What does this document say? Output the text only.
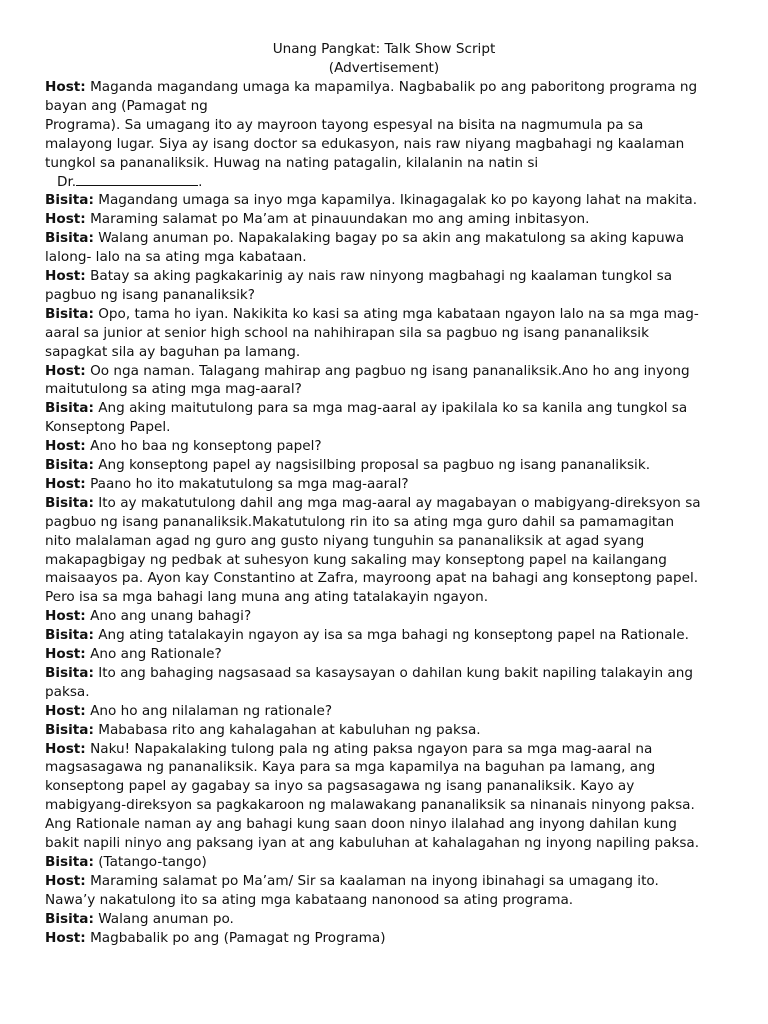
Unang Pangkat: Talk Show Script
(Advertisement)
Host: Maganda magandang umaga ka mapamilya. Nagbabalik po ang paboritong programa ng
bayan ang (Pamagat ng
Programa). Sa umagang ito ay mayroon tayong espesyal na bisita na nagmumula pa sa
malayong lugar. Siya ay isang doctor sa edukasyon, nais raw niyang magbahagi ng kaalaman
tungkol sa pananaliksik. Huwag na nating patagalin, kilalanin na natin si
Dr.	.
Bisita: Magandang umaga sa inyo mga kapamilya. Ikinagagalak ko po kayong lahat na makita.
Host: Maraming salamat po Ma’am at pinauundakan mo ang aming inbitasyon.
Bisita: Walang anuman po. Napakalaking bagay po sa akin ang makatulong sa aking kapuwa
lalong- lalo na sa ating mga kabataan.
Host: Batay sa aking pagkakarinig ay nais raw ninyong magbahagi ng kaalaman tungkol sa
pagbuo ng isang pananaliksik?
Bisita: Opo, tama ho iyan. Nakikita ko kasi sa ating mga kabataan ngayon lalo na sa mga mag-
aaral sa junior at senior high school na nahihirapan sila sa pagbuo ng isang pananaliksik
sapagkat sila ay baguhan pa lamang.
Host: Oo nga naman. Talagang mahirap ang pagbuo ng isang pananaliksik.Ano ho ang inyong
maitutulong sa ating mga mag-aaral?
Bisita: Ang aking maitutulong para sa mga mag-aaral ay ipakilala ko sa kanila ang tungkol sa
Konseptong Papel.
Host: Ano ho baa ng konseptong papel?
Bisita: Ang konseptong papel ay nagsisilbing proposal sa pagbuo ng isang pananaliksik.
Host: Paano ho ito makatutulong sa mga mag-aaral?
Bisita: Ito ay makatutulong dahil ang mga mag-aaral ay magabayan o mabigyang-direksyon sa
pagbuo ng isang pananaliksik.Makatutulong rin ito sa ating mga guro dahil sa pamamagitan
nito malalaman agad ng guro ang gusto niyang tunguhin sa pananaliksik at agad syang
makapagbigay ng pedbak at suhesyon kung sakaling may konseptong papel na kailangang
maisaayos pa. Ayon kay Constantino at Zafra, mayroong apat na bahagi ang konseptong papel.
Pero isa sa mga bahagi lang muna ang ating tatalakayin ngayon.
Host: Ano ang unang bahagi?
Bisita: Ang ating tatalakayin ngayon ay isa sa mga bahagi ng konseptong papel na Rationale.
Host: Ano ang Rationale?
Bisita: Ito ang bahaging nagsasaad sa kasaysayan o dahilan kung bakit napiling talakayin ang
paksa.
Host: Ano ho ang nilalaman ng rationale?
Bisita: Mababasa rito ang kahalagahan at kabuluhan ng paksa.
Host: Naku! Napakalaking tulong pala ng ating paksa ngayon para sa mga mag-aaral na
magsasagawa ng pananaliksik. Kaya para sa mga kapamilya na baguhan pa lamang, ang
konseptong papel ay gagabay sa inyo sa pagsasagawa ng isang pananaliksik. Kayo ay
mabigyang-direksyon sa pagkakaroon ng malawakang pananaliksik sa ninanais ninyong paksa.
Ang Rationale naman ay ang bahagi kung saan doon ninyo ilalahad ang inyong dahilan kung
bakit napili ninyo ang paksang iyan at ang kabuluhan at kahalagahan ng inyong napiling paksa.
Bisita: (Tatango-tango)
Host: Maraming salamat po Ma’am/ Sir sa kaalaman na inyong ibinahagi sa umagang ito.
Nawa’y nakatulong ito sa ating mga kabataang nanonood sa ating programa.
Bisita: Walang anuman po.
Host: Magbabalik po ang (Pamagat ng Programa)
